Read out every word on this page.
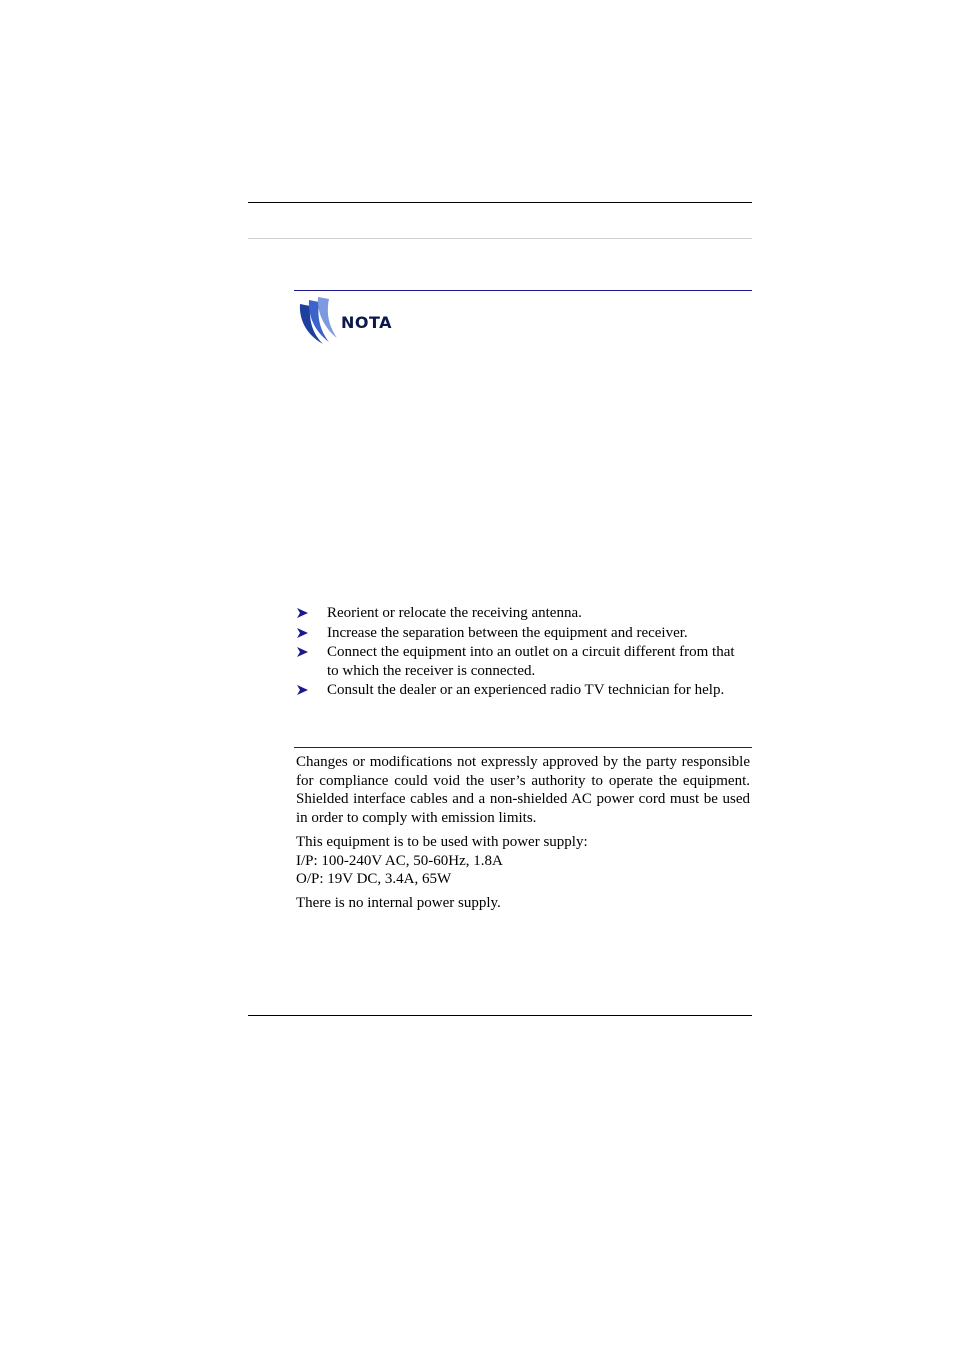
NOTA
Reorient or relocate the receiving antenna.
Increase the separation between the equipment and receiver.
Connect the equipment into an outlet on a circuit different from that to which the receiver is connected.
Consult the dealer or an experienced radio TV technician for help.

Changes or modifications not expressly approved by the party responsible for compliance could void the user’s authority to operate the equipment. Shielded interface cables and a non-shielded AC power cord must be used in order to comply with emission limits.

This equipment is to be used with power supply:
I/P: 100-240V AC, 50-60Hz, 1.8A
O/P: 19V DC, 3.4A, 65W

There is no internal power supply.
